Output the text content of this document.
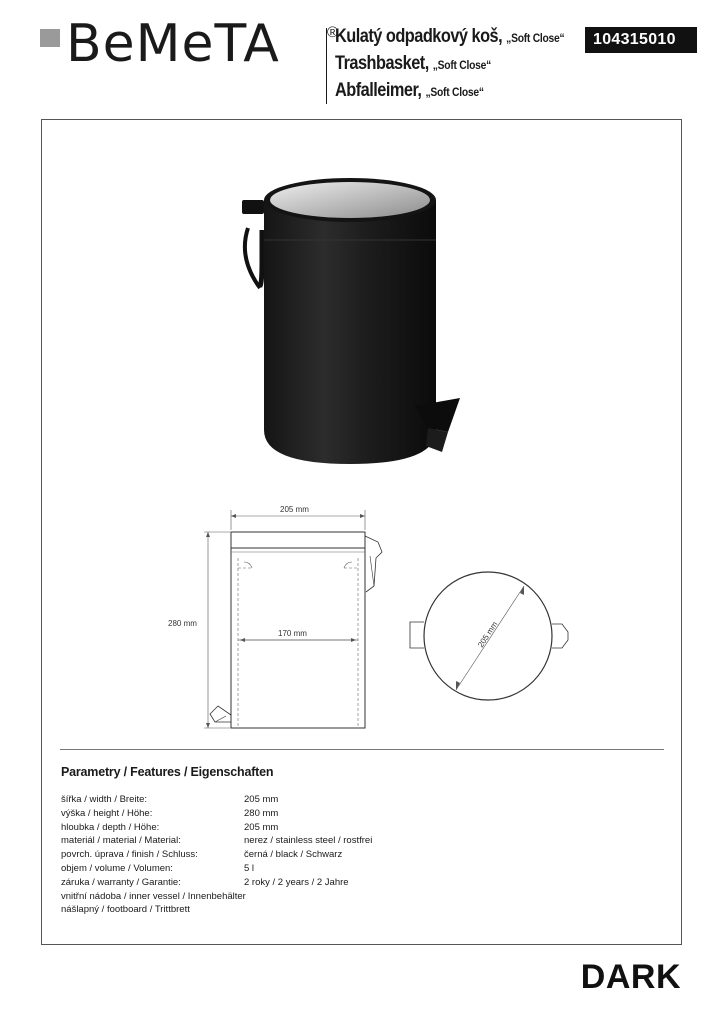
BeMeTA	®
Kulatý odpadkový koš, „Soft Close“
Trashbasket, „Soft Close“
Abfalleimer, „Soft Close“
104315010
205 mm
280 mm
170 mm	205 mm
Parametry / Features / Eigenschaften
šířka / width / Breite:	205 mm
výška / height / Höhe:	280 mm
hloubka / depth / Höhe:	205 mm
materiál / material / Material:	nerez / stainless steel / rostfrei
povrch. úprava / finish / Schluss:	černá / black / Schwarz
objem / volume / Volumen:	5 l
záruka / warranty / Garantie:	2 roky / 2 years / 2 Jahre
vnitřní nádoba / inner vessel / Innenbehälter
nášlapný / footboard / Trittbrett
DARK
